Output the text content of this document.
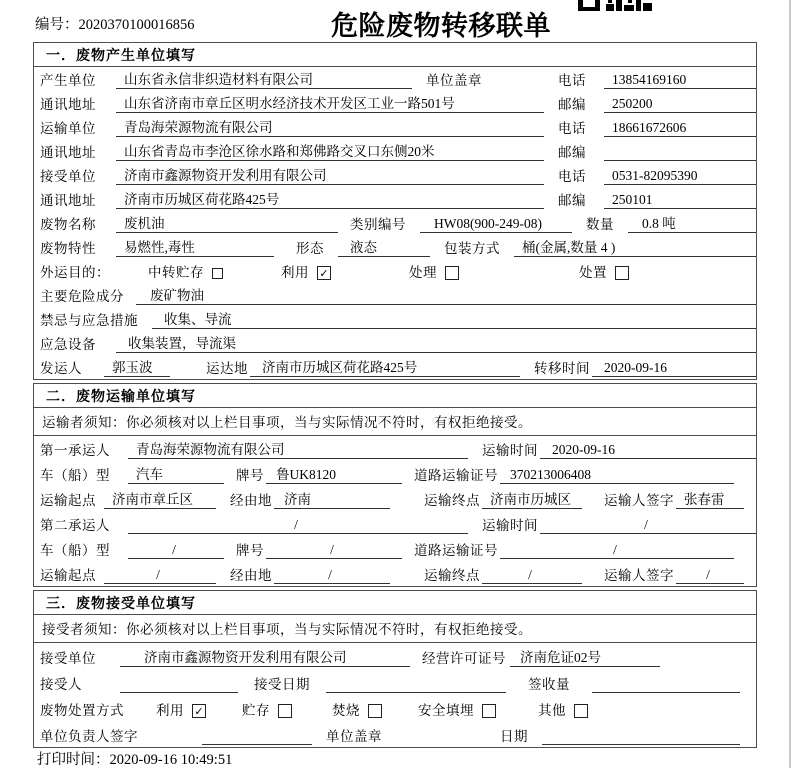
编号：2020370100016856	危险废物转移联单
一．废物产生单位填写
产生单位	山东省永信非织造材料有限公司	单位盖章	电话	13854169160
通讯地址	山东省济南市章丘区明水经济技术开发区工业一路501号	邮编	250200
运输单位	青岛海荣源物流有限公司	电话	18661672606
通讯地址	山东省青岛市李沧区徐水路和郑佛路交叉口东侧20米	邮编
接受单位	济南市鑫源物资开发利用有限公司	电话	0531-82095390
通讯地址	济南市历城区荷花路425号	邮编	250101
废物名称	废机油	类别编号	HW08(900-249-08)	数量	0.8 吨
废物特性	易燃性,毒性	形态	液态	包装方式	桶(金属,数量 4 )
外运目的：	中转贮存	利用 ✓	处理	处置
主要危险成分	废矿物油
禁忌与应急措施	收集、导流
应急设备	收集装置，导流渠
发运人	郭玉波	运达地	济南市历城区荷花路425号	转移时间	2020-09-16
二．废物运输单位填写
运输者须知：你必须核对以上栏目事项，当与实际情况不符时，有权拒绝接受。
第一承运人	青岛海荣源物流有限公司	运输时间	2020-09-16
车（船）型	汽车	牌号 鲁UK8120	道路运输证号 370213006408
运输起点	济南市章丘区	经由地 济南	运输终点 济南市历城区	运输人签字 张春雷
第二承运人	/	运输时间	/
车（船）型	/	牌号	/	道路运输证号	/
运输起点	/	经由地	/	运输终点	/	运输人签字	/
三．废物接受单位填写
接受者须知：你必须核对以上栏目事项，当与实际情况不符时，有权拒绝接受。
接受单位	济南市鑫源物资开发利用有限公司	经营许可证号	济南危证02号
接受人	接受日期	签收量
废物处置方式	利用 ✓	贮存	焚烧	安全填埋	其他
单位负责人签字	单位盖章	日期
打印时间：2020-09-16 10:49:51
